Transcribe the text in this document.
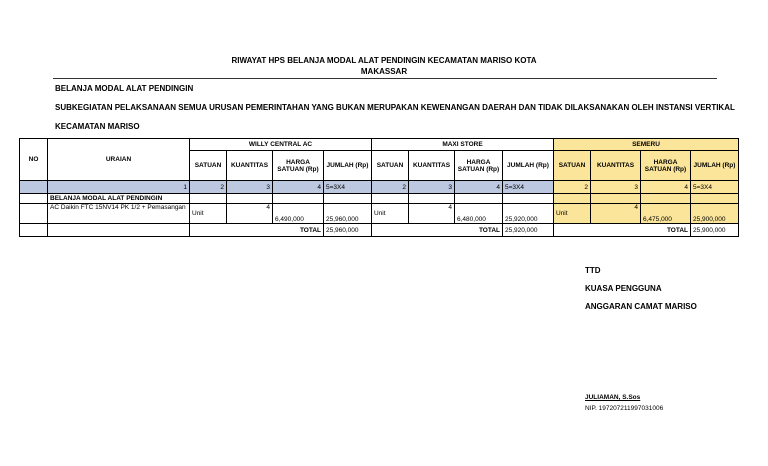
RIWAYAT HPS BELANJA MODAL ALAT PENDINGIN KECAMATAN MARISO KOTA
MAKASSAR
BELANJA MODAL ALAT PENDINGIN
SUBKEGIATAN PELAKSANAAN SEMUA URUSAN PEMERINTAHAN YANG BUKAN MERUPAKAN KEWENANGAN DAERAH DAN TIDAK DILAKSANAKAN OLEH INSTANSI VERTIKAL
KECAMATAN MARISO
NO	URAIAN	WILLY CENTRAL AC				MAXI STORE				SEMERU			
		SATUAN	KUANTITAS	HARGA SATUAN (Rp)	JUMLAH (Rp)	SATUAN	KUANTITAS	HARGA SATUAN (Rp)	JUMLAH (Rp)	SATUAN	KUANTITAS	HARGA SATUAN (Rp)	JUMLAH (Rp)
	1	2	3	4	5=3X4	2	3	4	5=3X4	2	3	4	5=3X4
	BELANJA MODAL ALAT PENDINGIN												
	AC Daikin FTC 15NV14 PK 1/2 + Pemasangan	Unit	4	6,490,000	25,960,000	Unit	4	6,480,000	25,920,000	Unit	4	6,475,000	25,900,000
		TOTAL			25,960,000	TOTAL			25,920,000	TOTAL			25,900,000
TTD
KUASA PENGGUNA
ANGGARAN CAMAT MARISO
JULIAMAN, S.Sos
NIP. 197207211997031006
